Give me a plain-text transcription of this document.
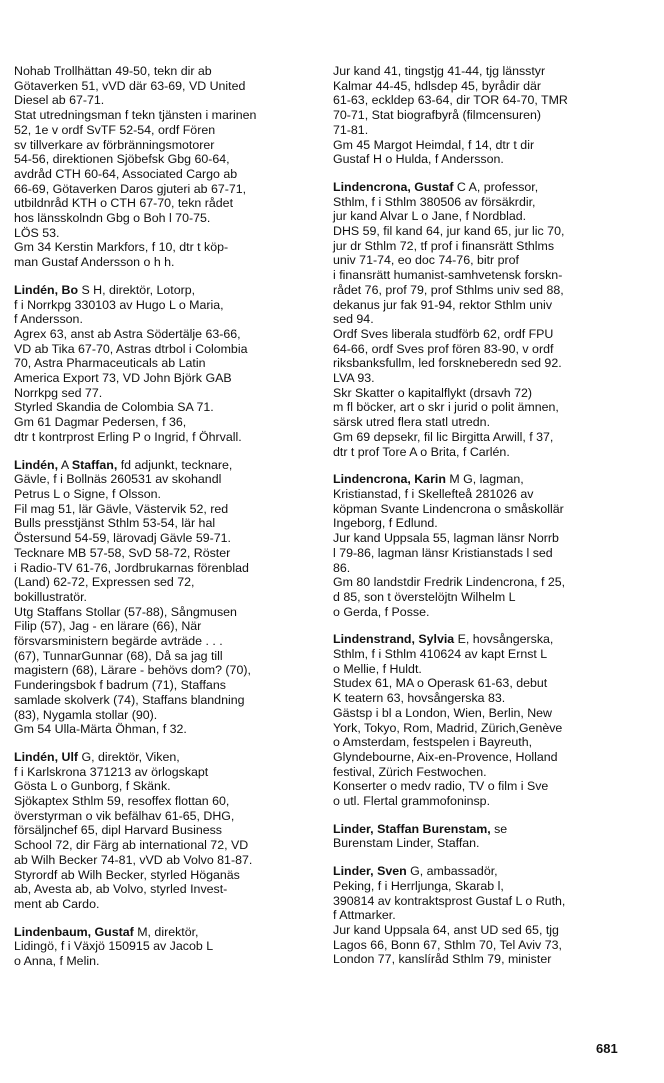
Nohab Trollhättan 49-50, tekn dir ab
Götaverken 51, vVD där 63-69, VD United
Diesel ab 67-71.
Stat utredningsman f tekn tjänsten i marinen
52, 1e v ordf SvTF 52-54, ordf Fören
sv tillverkare av förbränningsmotorer
54-56, direktionen Sjöbefsk Gbg 60-64,
avdråd CTH 60-64, Associated Cargo ab
66-69, Götaverken Daros gjuteri ab 67-71,
utbildnråd KTH o CTH 67-70, tekn rådet
hos länsskolndn Gbg o Boh l 70-75.
LÖS 53.
Gm 34 Kerstin Markfors, f 10, dtr t köp-
man Gustaf Andersson o h h.
Lindén, Bo S H, direktör, Lotorp,
f i Norrkpg 330103 av Hugo L o Maria,
f Andersson.
Agrex 63, anst ab Astra Södertälje 63-66,
VD ab Tika 67-70, Astras dtrbol i Colombia
70, Astra Pharmaceuticals ab Latin
America Export 73, VD John Björk GAB
Norrkpg sed 77.
Styrled Skandia de Colombia SA 71.
Gm 61 Dagmar Pedersen, f 36,
dtr t kontrprost Erling P o Ingrid, f Öhrvall.
Lindén, A Staffan, fd adjunkt, tecknare,
Gävle, f i Bollnäs 260531 av skohandl
Petrus L o Signe, f Olsson.
Fil mag 51, lär Gävle, Västervik 52, red
Bulls presstjänst Sthlm 53-54, lär hal
Östersund 54-59, lärovadj Gävle 59-71.
Tecknare MB 57-58, SvD 58-72, Röster
i Radio-TV 61-76, Jordbrukarnas förenblad
(Land) 62-72, Expressen sed 72,
bokillustratör.
Utg Staffans Stollar (57-88), Sångmusen
Filip (57), Jag - en lärare (66), När
försvarsministern begärde avträde . . .
(67), TunnarGunnar (68), Då sa jag till
magistern (68), Lärare - behövs dom? (70),
Funderingsbok f badrum (71), Staffans
samlade skolverk (74), Staffans blandning
(83), Nygamla stollar (90).
Gm 54 Ulla-Märta Öhman, f 32.
Lindén, Ulf G, direktör, Viken,
f i Karlskrona 371213 av örlogskapt
Gösta L o Gunborg, f Skänk.
Sjökaptex Sthlm 59, resoffex flottan 60,
överstyrman o vik befälhav 61-65, DHG,
försäljnchef 65, dipl Harvard Business
School 72, dir Färg ab international 72, VD
ab Wilh Becker 74-81, vVD ab Volvo 81-87.
Styrordf ab Wilh Becker, styrled Höganäs
ab, Avesta ab, ab Volvo, styrled Invest-
ment ab Cardo.
Lindenbaum, Gustaf M, direktör,
Lidingö, f i Växjö 150915 av Jacob L
o Anna, f Melin.
Jur kand 41, tingstjg 41-44, tjg länsstyr
Kalmar 44-45, hdlsdep 45, byrådir där
61-63, eckldep 63-64, dir TOR 64-70, TMR
70-71, Stat biografbyrå (filmcensuren)
71-81.
Gm 45 Margot Heimdal, f 14, dtr t dir
Gustaf H o Hulda, f Andersson.
Lindencrona, Gustaf C A, professor,
Sthlm, f i Sthlm 380506 av försäkrdir,
jur kand Alvar L o Jane, f Nordblad.
DHS 59, fil kand 64, jur kand 65, jur lic 70,
jur dr Sthlm 72, tf prof i finansrätt Sthlms
univ 71-74, eo doc 74-76, bitr prof
i finansrätt humanist-samhvetensk forskn-
rådet 76, prof 79, prof Sthlms univ sed 88,
dekanus jur fak 91-94, rektor Sthlm univ
sed 94.
Ordf Sves liberala studförb 62, ordf FPU
64-66, ordf Sves prof fören 83-90, v ordf
riksbanksfullm, led forskneberedn sed 92.
LVA 93.
Skr Skatter o kapitalflykt (drsavh 72)
m fl böcker, art o skr i jurid o polit ämnen,
särsk utred flera statl utredn.
Gm 69 depsekr, fil lic Birgitta Arwill, f 37,
dtr t prof Tore A o Brita, f Carlén.
Lindencrona, Karin M G, lagman,
Kristianstad, f i Skellefteå 281026 av
köpman Svante Lindencrona o småskollär
Ingeborg, f Edlund.
Jur kand Uppsala 55, lagman länsr Norrb
l 79-86, lagman länsr Kristianstads l sed
86.
Gm 80 landstdir Fredrik Lindencrona, f 25,
d 85, son t överstelöjtn Wilhelm L
o Gerda, f Posse.
Lindenstrand, Sylvia E, hovsångerska,
Sthlm, f i Sthlm 410624 av kapt Ernst L
o Mellie, f Huldt.
Studex 61, MA o Operask 61-63, debut
K teatern 63, hovsångerska 83.
Gästsp i bl a London, Wien, Berlin, New
York, Tokyo, Rom, Madrid, Zürich,Genève
o Amsterdam, festspelen i Bayreuth,
Glyndebourne, Aix-en-Provence, Holland
festival, Zürich Festwochen.
Konserter o medv radio, TV o film i Sve
o utl. Flertal grammofoninsp.
Linder, Staffan Burenstam, se
Burenstam Linder, Staffan.
Linder, Sven G, ambassadör,
Peking, f i Herrljunga, Skarab l,
390814 av kontraktsprost Gustaf L o Ruth,
f Attmarker.
Jur kand Uppsala 64, anst UD sed 65, tjg
Lagos 66, Bonn 67, Sthlm 70, Tel Aviv 73,
London 77, kanslíråd Sthlm 79, minister
681
